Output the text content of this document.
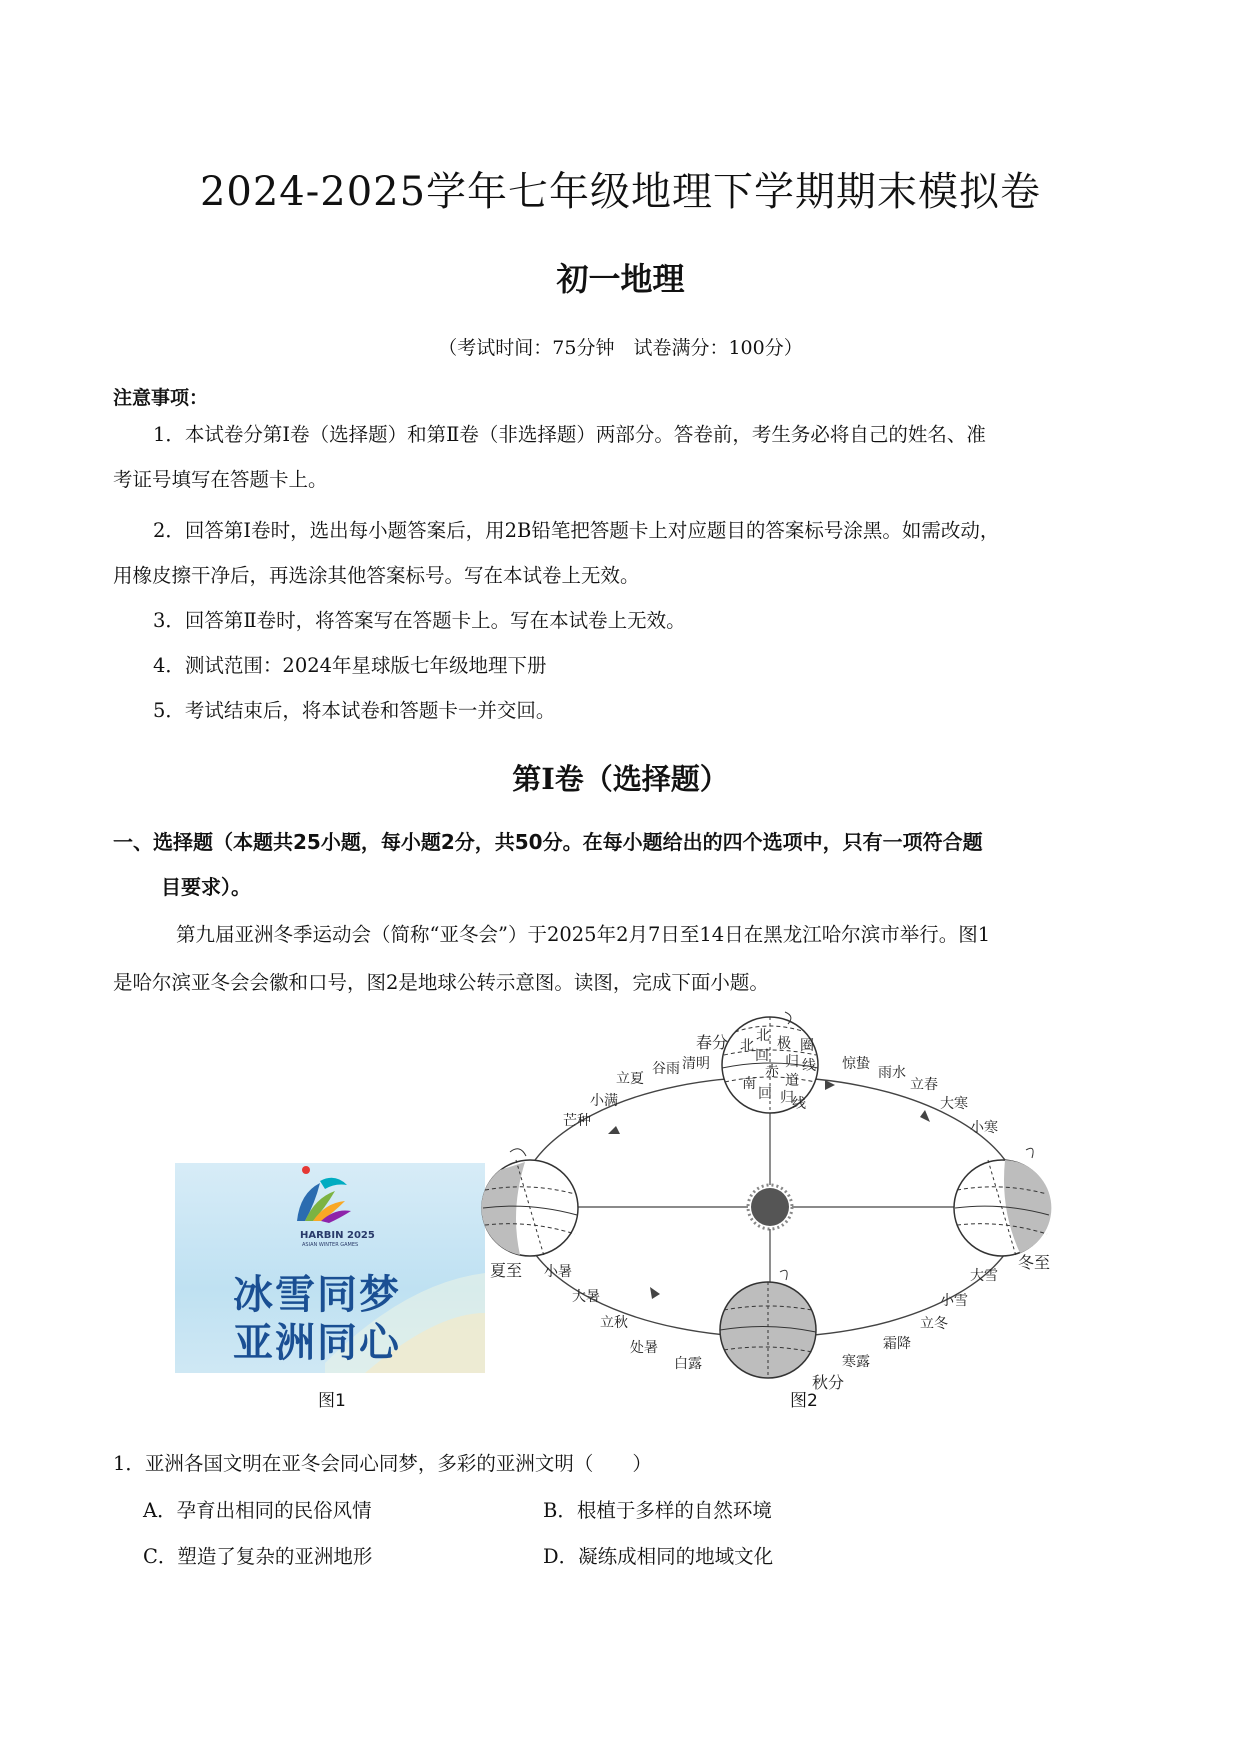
2024-2025学年七年级地理下学期期末模拟卷
初一地理
（考试时间：75分钟　试卷满分：100分）
注意事项：
1．本试卷分第Ⅰ卷（选择题）和第Ⅱ卷（非选择题）两部分。答卷前，考生务必将自己的姓名、准
考证号填写在答题卡上。
2．回答第Ⅰ卷时，选出每小题答案后，用2B铅笔把答题卡上对应题目的答案标号涂黑。如需改动，
用橡皮擦干净后，再选涂其他答案标号。写在本试卷上无效。
3．回答第Ⅱ卷时，将答案写在答题卡上。写在本试卷上无效。
4．测试范围：2024年星球版七年级地理下册
5．考试结束后，将本试卷和答题卡一并交回。
第Ⅰ卷（选择题）
一、选择题（本题共25小题，每小题2分，共50分。在每小题给出的四个选项中，只有一项符合题
目要求）。
第九届亚洲冬季运动会（简称“亚冬会”）于2025年2月7日至14日在黑龙江哈尔滨市举行。图1
是哈尔滨亚冬会会徽和口号，图2是地球公转示意图。读图，完成下面小题。
HARBIN 2025
ASIAN WINTER GAMES
冰雪同梦
亚洲同心
图1
北
北 极 圈
回 归 线
赤
道
南
回 归
线
春分
夏至
秋分
冬至
清明
谷雨
立夏
小满
芒种
惊蛰
雨水
立春
大寒
小寒
小暑
大暑
立秋
处暑
白露
大雪
小雪
立冬
霜降
寒露
图2
1．亚洲各国文明在亚冬会同心同梦，多彩的亚洲文明（　　）
A．孕育出相同的民俗风情	B．根植于多样的自然环境
C．塑造了复杂的亚洲地形	D．凝练成相同的地域文化
